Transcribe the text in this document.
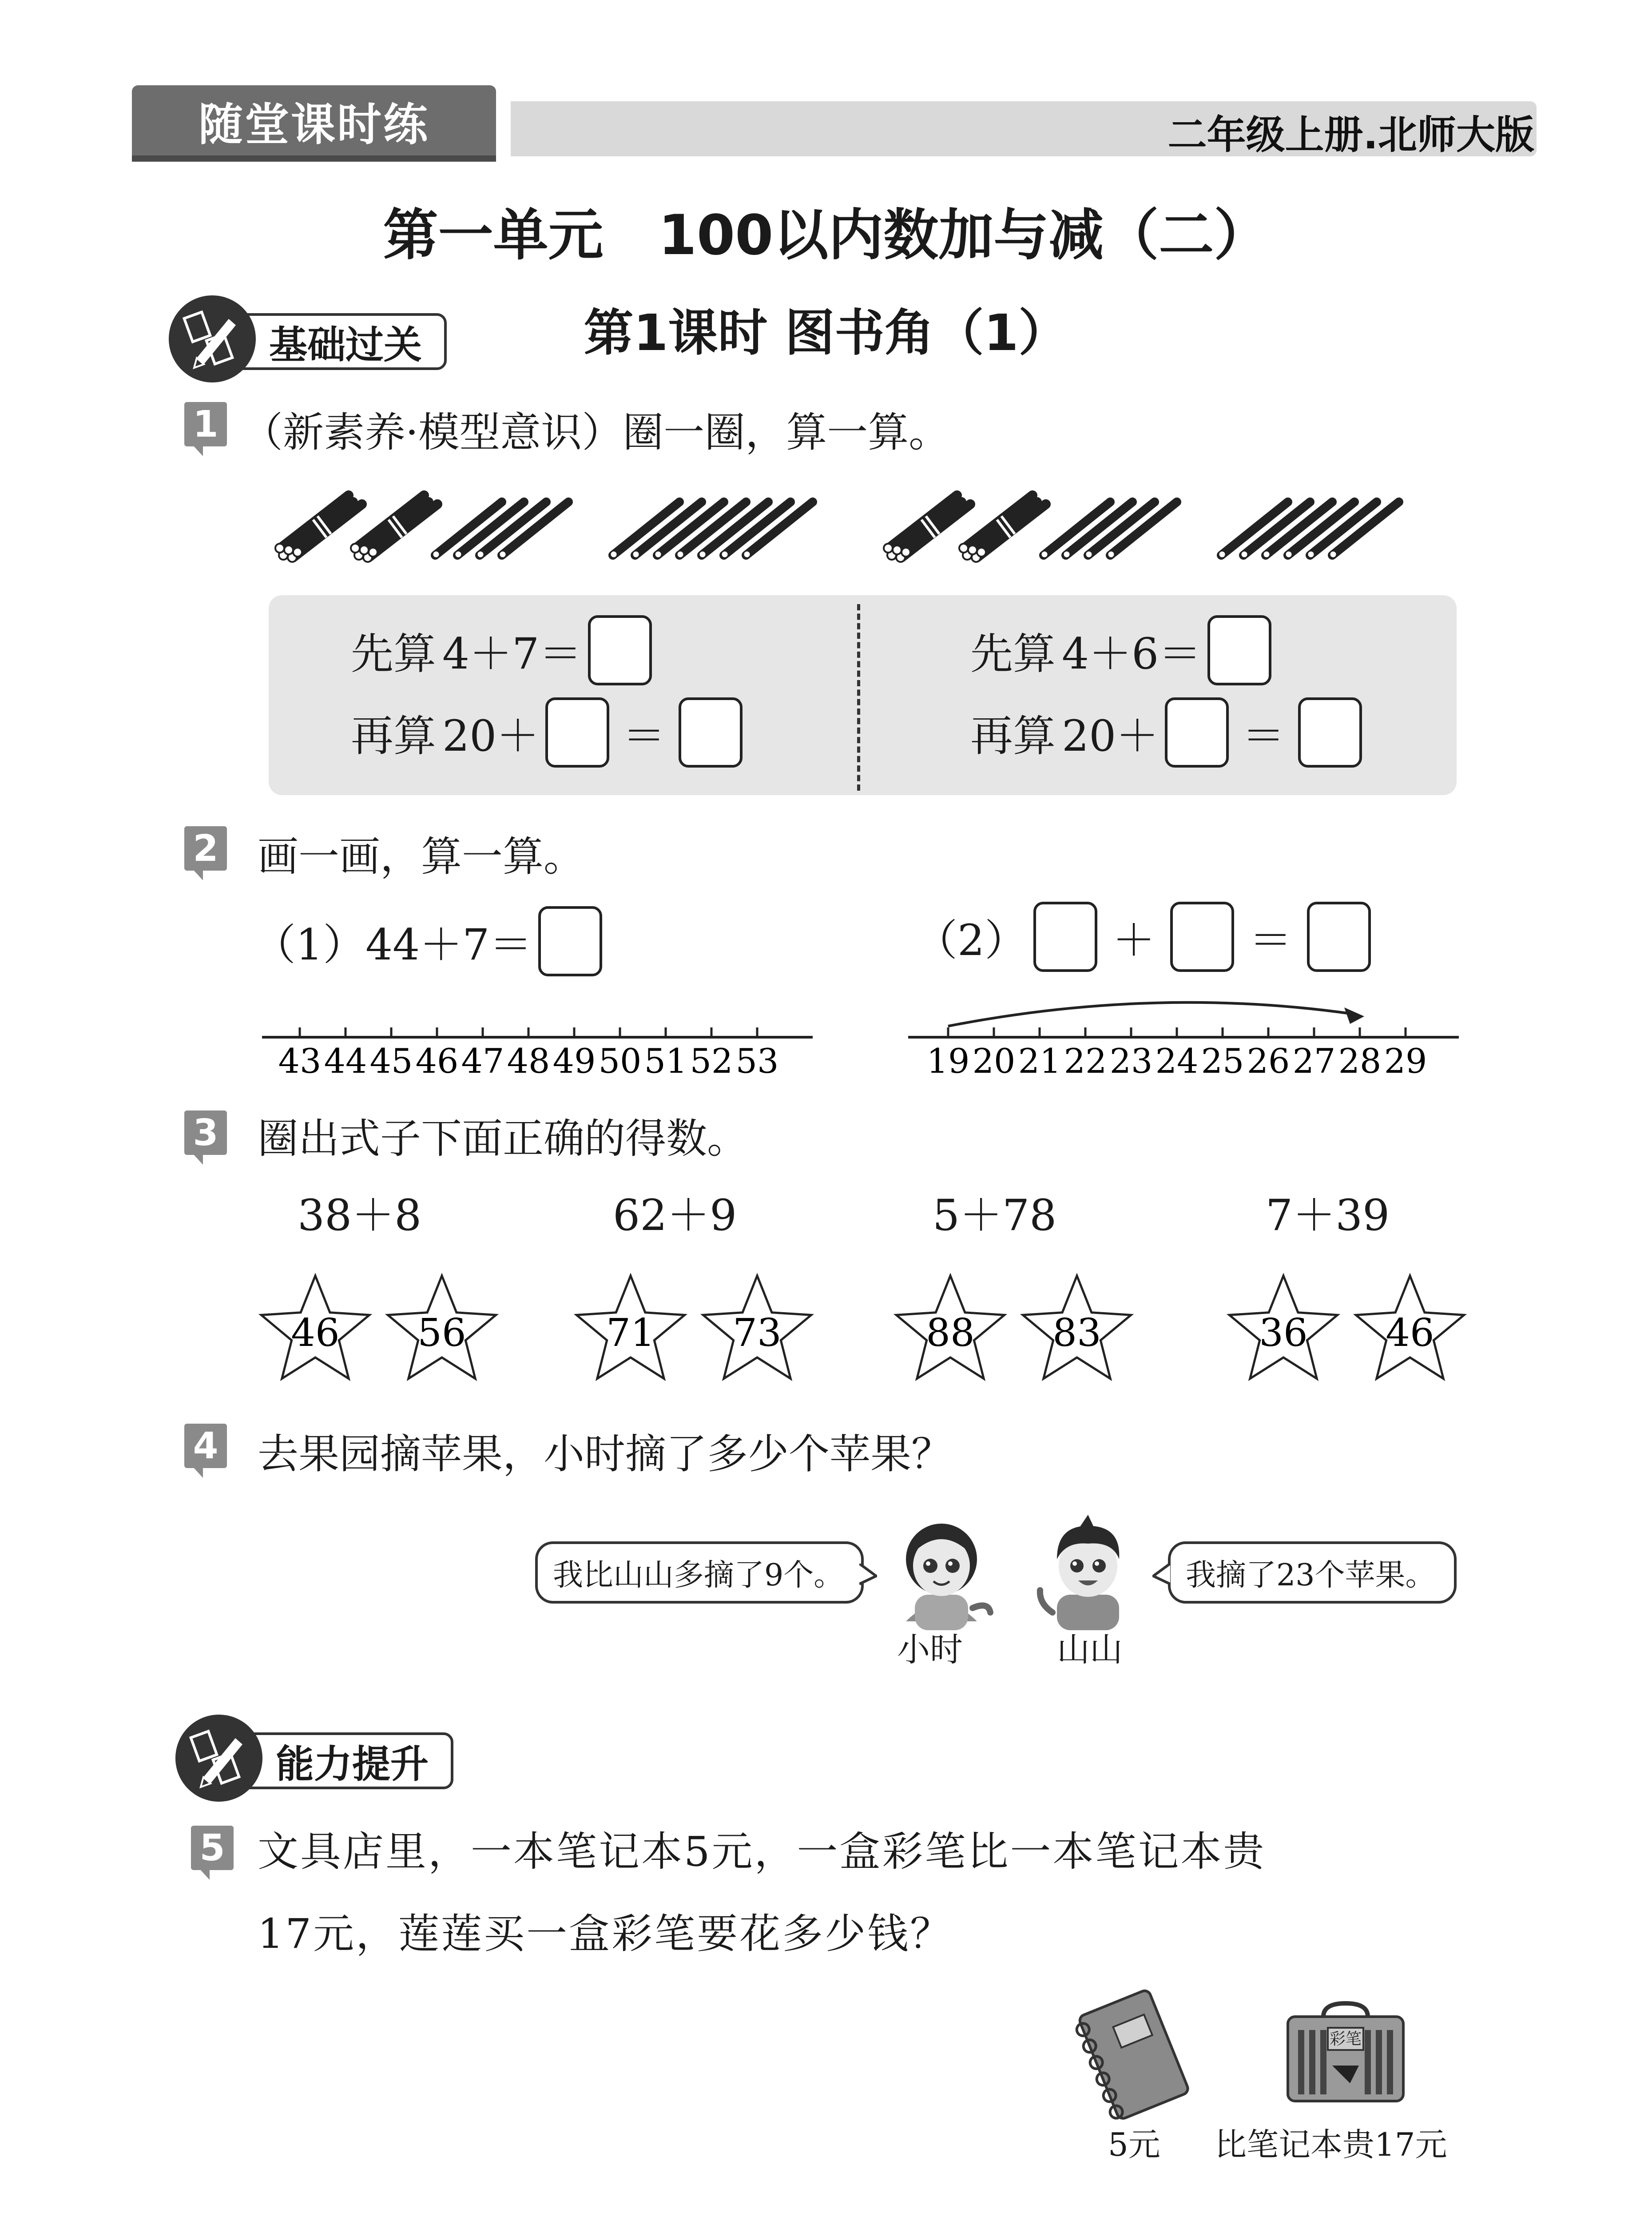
随堂课时练	二年级上册.北师大版
第一单元　100以内数加与减（二）
第1课时 图书角（1）
基础过关
1 （新素养·模型意识）圈一圈，算一算。
先算 4＋7＝
再算 20＋ ＝
先算 4＋6＝
再算 20＋ ＝
2 画一画，算一算。
（1）44＋7＝	（2） ＋ ＝
43 44 45 46 47 48 49 50 51 52 53	19 20 21 22 23 24 25 26 27 28 29
3 圈出式子下面正确的得数。
38＋8
46 56
62＋9
71 73
5＋78
88 83
7＋39
36 46
4 去果园摘苹果，小时摘了多少个苹果？
我比山山多摘了9个。	我摘了23个苹果。
小时	山山
能力提升
5 文具店里，一本笔记本5元，一盒彩笔比一本笔记本贵
17元，莲莲买一盒彩笔要花多少钱？
5元
彩笔
比笔记本贵17元
